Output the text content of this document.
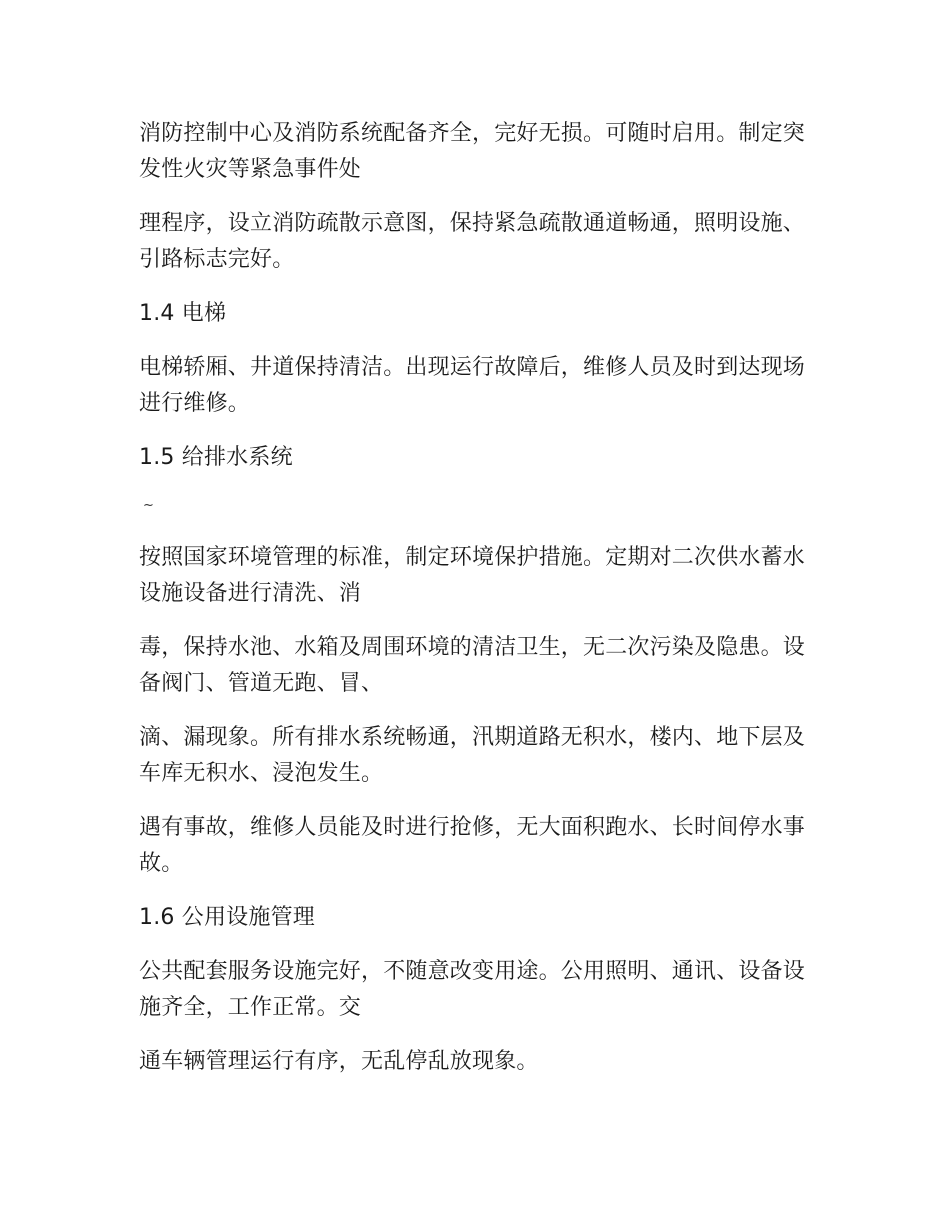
消防控制中心及消防系统配备齐全，完好无损。可随时启用。制定突发性火灾等紧急事件处

理程序，设立消防疏散示意图，保持紧急疏散通道畅通，照明设施、引路标志完好。

1.4 电梯

电梯轿厢、井道保持清洁。出现运行故障后，维修人员及时到达现场进行维修。

1.5 给排水系统

~

按照国家环境管理的标准，制定环境保护措施。定期对二次供水蓄水设施设备进行清洗、消

毒，保持水池、水箱及周围环境的清洁卫生，无二次污染及隐患。设备阀门、管道无跑、冒、

滴、漏现象。所有排水系统畅通，汛期道路无积水，楼内、地下层及车库无积水、浸泡发生。

遇有事故，维修人员能及时进行抢修，无大面积跑水、长时间停水事故。

1.6 公用设施管理

公共配套服务设施完好，不随意改变用途。公用照明、通讯、设备设施齐全，工作正常。交

通车辆管理运行有序，无乱停乱放现象。
